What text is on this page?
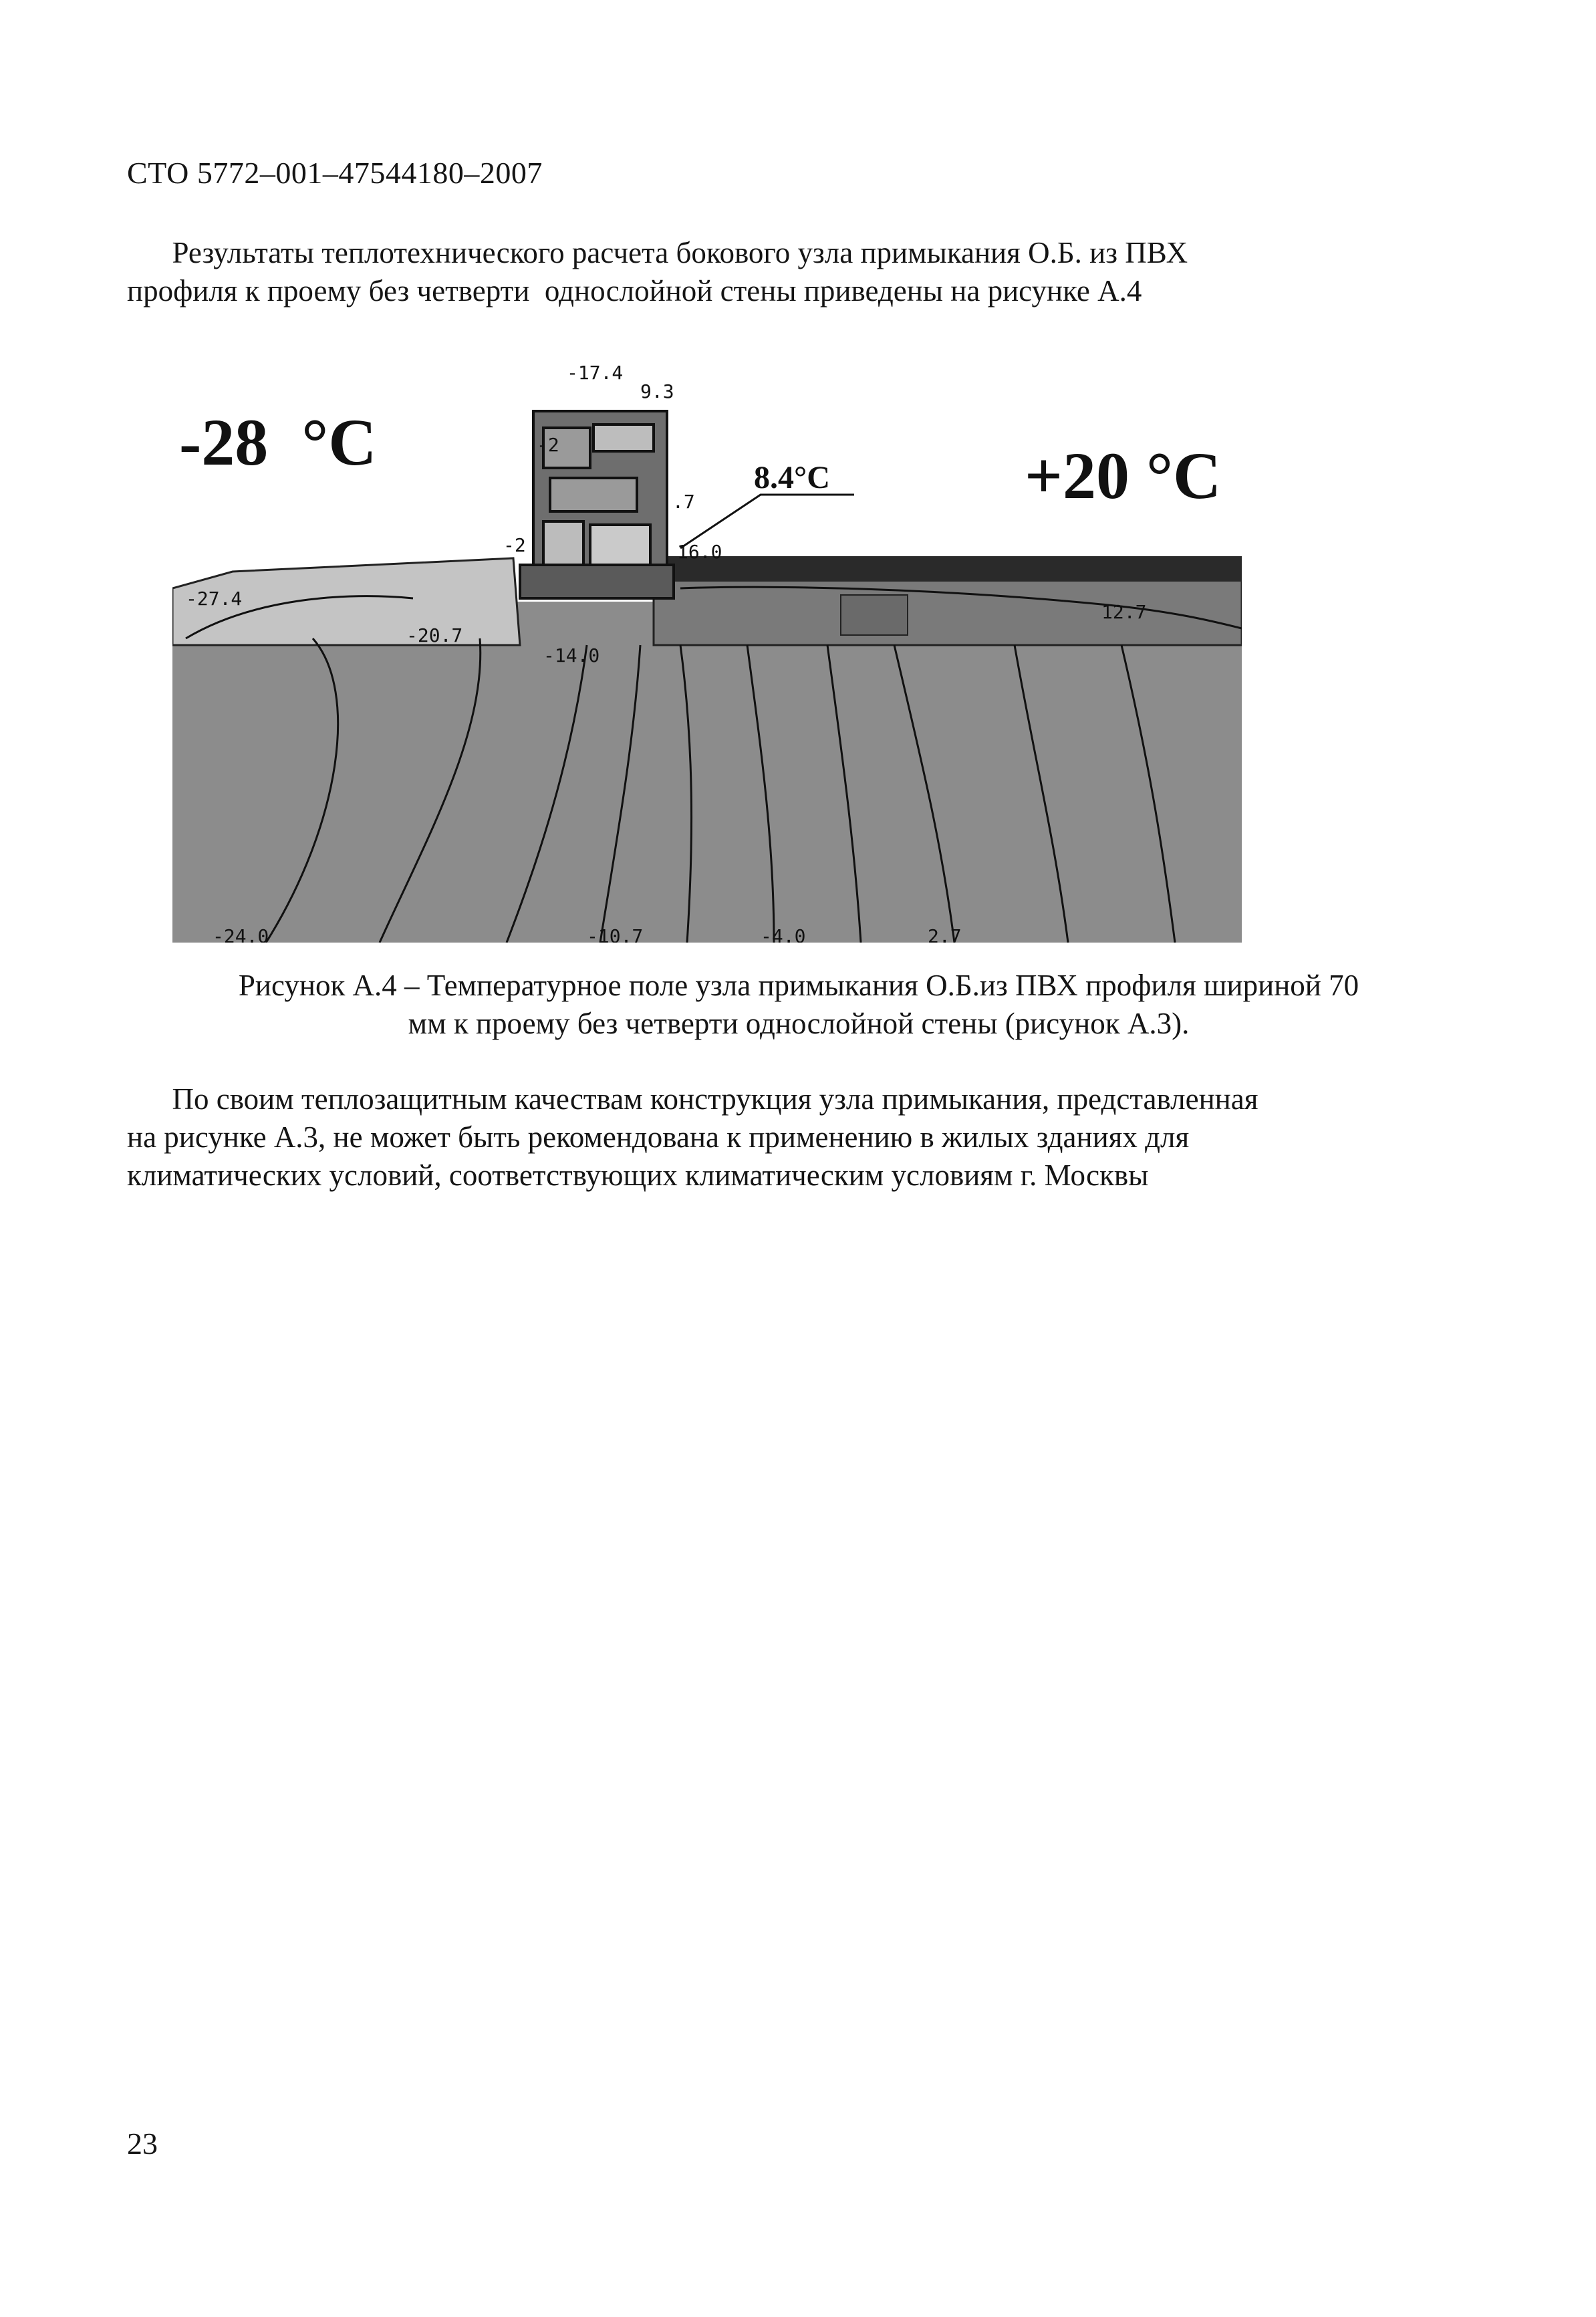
СТО 5772–001–47544180–2007

Результаты теплотехнического расчета бокового узла примыкания О.Б. из ПВХ
профиля к проему без четверти  однослойной стены приведены на рисунке А.4

-28  °C	+20 °C
8.4°C
-17.4
9.3
-2
.7
-2	16.0
-27.4
-20.7
-14.0
12.7
-24.0	-10.7	-4.0	2.7
Рисунок А.4 – Температурное поле узла примыкания О.Б.из ПВХ профиля шириной 70
мм к проему без четверти однослойной стены (рисунок А.3).

По своим теплозащитным качествам конструкция узла примыкания, представленная
на рисунке А.3, не может быть рекомендована к применению в жилых зданиях для
климатических условий, соответствующих климатическим условиям г. Москвы

23
